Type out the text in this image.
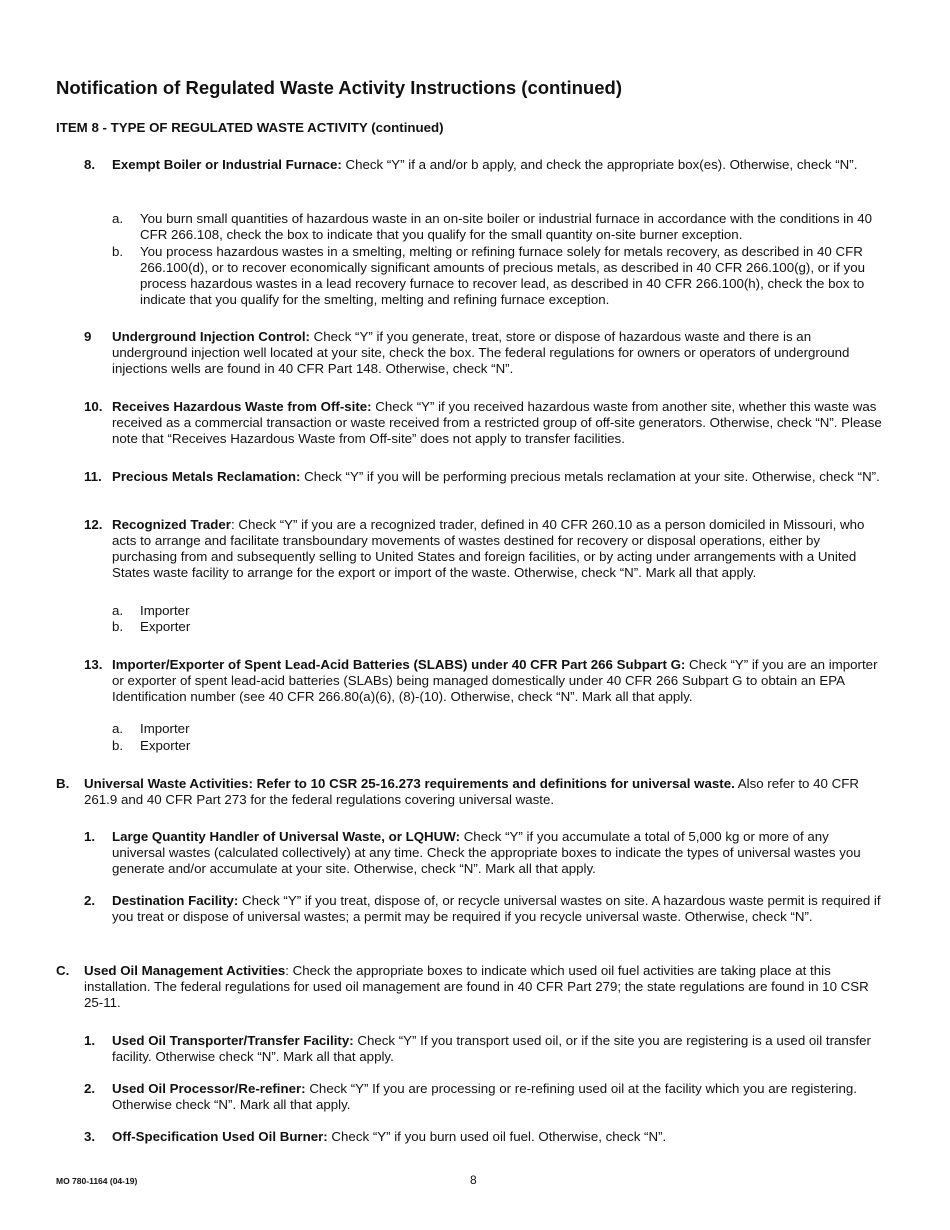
Notification of Regulated Waste Activity Instructions (continued)
ITEM 8 - TYPE OF REGULATED WASTE ACTIVITY (continued)
8. Exempt Boiler or Industrial Furnace: Check “Y” if a and/or b apply, and check the appropriate box(es). Otherwise, check “N”.
a. You burn small quantities of hazardous waste in an on-site boiler or industrial furnace in accordance with the conditions in 40 CFR 266.108, check the box to indicate that you qualify for the small quantity on-site burner exception.
b. You process hazardous wastes in a smelting, melting or refining furnace solely for metals recovery, as described in 40 CFR 266.100(d), or to recover economically significant amounts of precious metals, as described in 40 CFR 266.100(g), or if you process hazardous wastes in a lead recovery furnace to recover lead, as described in 40 CFR 266.100(h), check the box to indicate that you qualify for the smelting, melting and refining furnace exception.
9 Underground Injection Control: Check “Y” if you generate, treat, store or dispose of hazardous waste and there is an underground injection well located at your site, check the box. The federal regulations for owners or operators of underground injections wells are found in 40 CFR Part 148. Otherwise, check “N”.
10. Receives Hazardous Waste from Off-site: Check “Y” if you received hazardous waste from another site, whether this waste was received as a commercial transaction or waste received from a restricted group of off-site generators. Otherwise, check “N”. Please note that “Receives Hazardous Waste from Off-site” does not apply to transfer facilities.
11. Precious Metals Reclamation: Check “Y” if you will be performing precious metals reclamation at your site. Otherwise, check “N”.
12. Recognized Trader: Check “Y” if you are a recognized trader, defined in 40 CFR 260.10 as a person domiciled in Missouri, who acts to arrange and facilitate transboundary movements of wastes destined for recovery or disposal operations, either by purchasing from and subsequently selling to United States and foreign facilities, or by acting under arrangements with a United States waste facility to arrange for the export or import of the waste. Otherwise, check “N”. Mark all that apply.
a. Importer
b. Exporter
13. Importer/Exporter of Spent Lead-Acid Batteries (SLABS) under 40 CFR Part 266 Subpart G: Check “Y” if you are an importer or exporter of spent lead-acid batteries (SLABs) being managed domestically under 40 CFR 266 Subpart G to obtain an EPA Identification number (see 40 CFR 266.80(a)(6), (8)-(10). Otherwise, check “N”. Mark all that apply.
a. Importer
b. Exporter
B. Universal Waste Activities: Refer to 10 CSR 25-16.273 requirements and definitions for universal waste. Also refer to 40 CFR 261.9 and 40 CFR Part 273 for the federal regulations covering universal waste.
1. Large Quantity Handler of Universal Waste, or LQHUW: Check “Y” if you accumulate a total of 5,000 kg or more of any universal wastes (calculated collectively) at any time. Check the appropriate boxes to indicate the types of universal wastes you generate and/or accumulate at your site. Otherwise, check “N”. Mark all that apply.
2. Destination Facility: Check “Y” if you treat, dispose of, or recycle universal wastes on site. A hazardous waste permit is required if you treat or dispose of universal wastes; a permit may be required if you recycle universal waste. Otherwise, check “N”.
C. Used Oil Management Activities: Check the appropriate boxes to indicate which used oil fuel activities are taking place at this installation. The federal regulations for used oil management are found in 40 CFR Part 279; the state regulations are found in 10 CSR 25-11.
1. Used Oil Transporter/Transfer Facility: Check “Y” If you transport used oil, or if the site you are registering is a used oil transfer facility. Otherwise check “N”. Mark all that apply.
2. Used Oil Processor/Re-refiner: Check “Y” If you are processing or re-refining used oil at the facility which you are registering. Otherwise check “N”. Mark all that apply.
3. Off-Specification Used Oil Burner: Check “Y” if you burn used oil fuel. Otherwise, check “N”.
MO 780-1164 (04-19)	8
